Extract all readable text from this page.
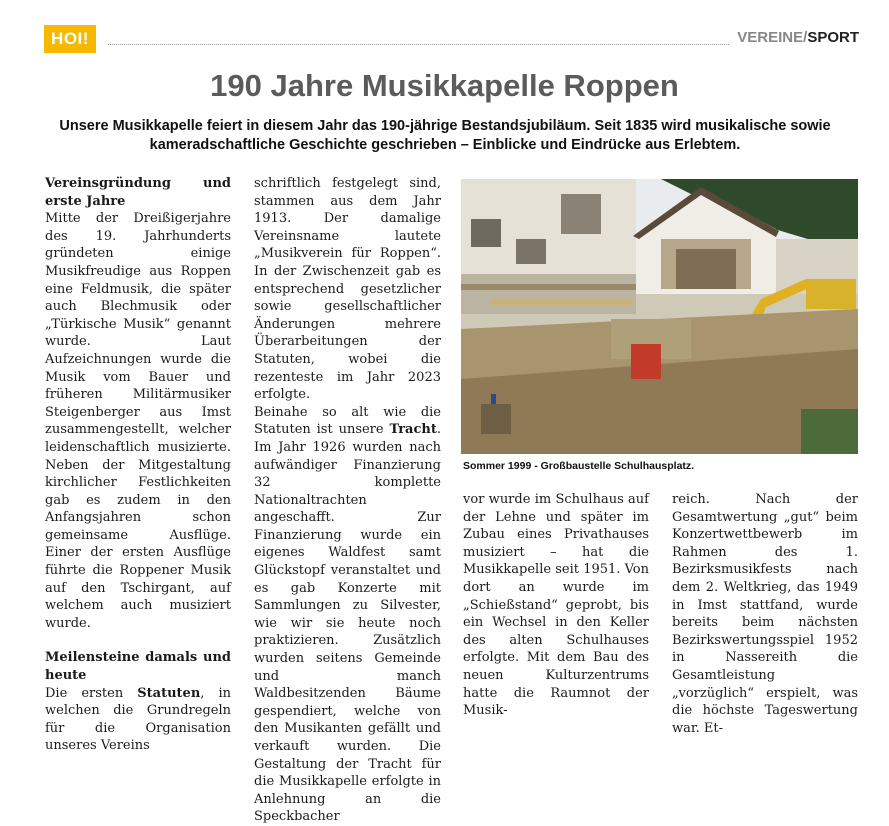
HOI!	VEREINE/SPORT
190 Jahre Musikkapelle Roppen
Unsere Musikkapelle feiert in diesem Jahr das 190-jährige Bestandsjubiläum. Seit 1835 wird musikalische sowie kameradschaftliche Geschichte geschrieben – Einblicke und Eindrücke aus Erlebtem.

Vereinsgründung und erste Jahre

Mitte der Dreißigerjahre des 19. Jahrhunderts gründeten einige Musikfreudige aus Roppen eine Feldmusik, die später auch Blechmusik oder „Türkische Musik“ genannt wurde. Laut Aufzeichnungen wurde die Musik vom Bauer und früheren Militärmusiker Steigenberger aus Imst zusammengestellt, welcher leidenschaftlich musizierte. Neben der Mitgestaltung kirchlicher Festlichkeiten gab es zudem in den Anfangsjahren schon gemeinsame Ausflüge. Einer der ersten Ausflüge führte die Roppener Musik auf den Tschirgant, auf welchem auch musiziert wurde.

Meilensteine damals und heute

Die ersten Statuten, in welchen die Grundregeln für die Organisation unseres Vereins

schriftlich festgelegt sind, stammen aus dem Jahr 1913. Der damalige Vereinsname lautete „Musikverein für Roppen“. In der Zwischenzeit gab es entsprechend gesetzlicher sowie gesellschaftlicher Änderungen mehrere Überarbeitungen der Statuten, wobei die rezenteste im Jahr 2023 erfolgte.

Beinahe so alt wie die Statuten ist unsere Tracht. Im Jahr 1926 wurden nach aufwändiger Finanzierung 32 komplette Nationaltrachten angeschafft. Zur Finanzierung wurde ein eigenes Waldfest samt Glückstopf veranstaltet und es gab Konzerte mit Sammlungen zu Silvester, wie wir sie heute noch praktizieren. Zusätzlich wurden seitens Gemeinde und manch Waldbesitzenden Bäume gespendiert, welche von den Musikanten gefällt und verkauft wurden. Die Gestaltung der Tracht für die Musikkapelle erfolgte in Anlehnung an die Speckbacher

Sommer 1999 - Großbaustelle Schulhausplatz.

vor wurde im Schulhaus auf der Lehne und später im Zubau eines Privathauses musiziert – hat die Musikkapelle seit 1951. Von dort an wurde im „Schießstand“ geprobt, bis ein Wechsel in den Keller des alten Schulhauses erfolgte. Mit dem Bau des neuen Kulturzentrums hatte die Raumnot der Musik-

reich. Nach der Gesamtwertung „gut“ beim Konzertwettbewerb im Rahmen des 1. Bezirksmusikfests nach dem 2. Weltkrieg, das 1949 in Imst stattfand, wurde bereits beim nächsten Bezirkswertungsspiel 1952 in Nassereith die Gesamtleistung „vorzüglich“ erspielt, was die höchste Tageswertung war. Et-
